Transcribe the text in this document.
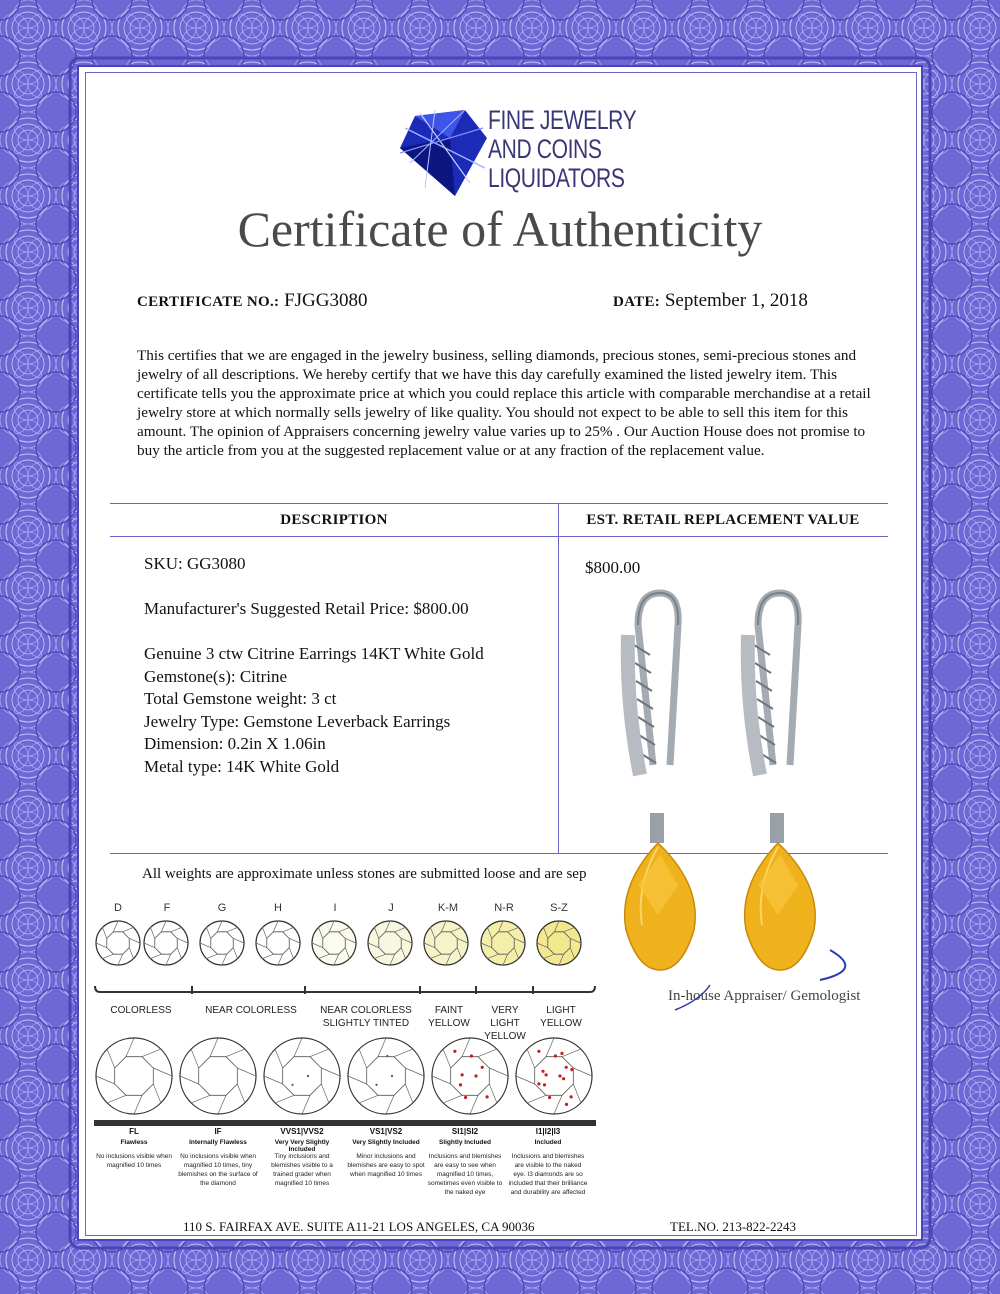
FINE JEWELRY
AND COINS
LIQUIDATORS
Certificate of Authenticity
CERTIFICATE NO.: FJGG3080	DATE: September 1, 2018
This certifies that we are engaged in the jewelry business, selling diamonds, precious stones, semi-precious stones and jewelry of all descriptions. We hereby certify that we have this day carefully examined the listed jewelry item. This certificate tells you the approximate price at which you could replace this article with comparable merchandise at a retail jewelry store at which normally sells jewelry of like quality. You should not expect to be able to sell this item for this amount. The opinion of Appraisers concerning jewelry value varies up to 25% . Our Auction House does not promise to buy the article from you at the suggested replacement value or at any fraction of the replacement value.
DESCRIPTION	EST. RETAIL REPLACEMENT VALUE
SKU: GG3080
Manufacturer's Suggested Retail Price: $800.00
Genuine 3 ctw Citrine Earrings 14KT White Gold
Gemstone(s): Citrine
Total Gemstone weight: 3 ct
Jewelry Type: Gemstone Leverback Earrings
Dimension: 0.2in X 1.06in
Metal type: 14K White Gold
$800.00
All weights are approximate unless stones are submitted loose and are sep
In-house Appraiser/ Gemologist
D	F	G	H	I	J	K-M	N-R	S-Z
COLORLESS	NEAR COLORLESS	NEAR COLORLESS SLIGHTLY TINTED
FAINT YELLOW
VERY LIGHT YELLOW
LIGHT YELLOW
FL
Flawless
No inclusions visible when magnified 10 times
IF
Internally Flawless
No inclusions visible when magnified 10 times, tiny blemishes on the surface of the diamond
VVS1|VVS2
Very Very Slightly Included
Tiny inclusions and blemishes visible to a trained grader when magnified 10 times
VS1|VS2
Very Slightly Included
Minor inclusions and blemishes are easy to spot when magnified 10 times
SI1|SI2
Slightly Included
Inclusions and blemishes are easy to see when magnified 10 times, sometimes even visible to the naked eye
I1|I2|I3
Included
Inclusions and blemishes are visible to the naked eye. I3 diamonds are so included that their brilliance and durability are affected
110 S. FAIRFAX AVE. SUITE A11-21 LOS ANGELES, CA 90036	TEL.NO. 213-822-2243
